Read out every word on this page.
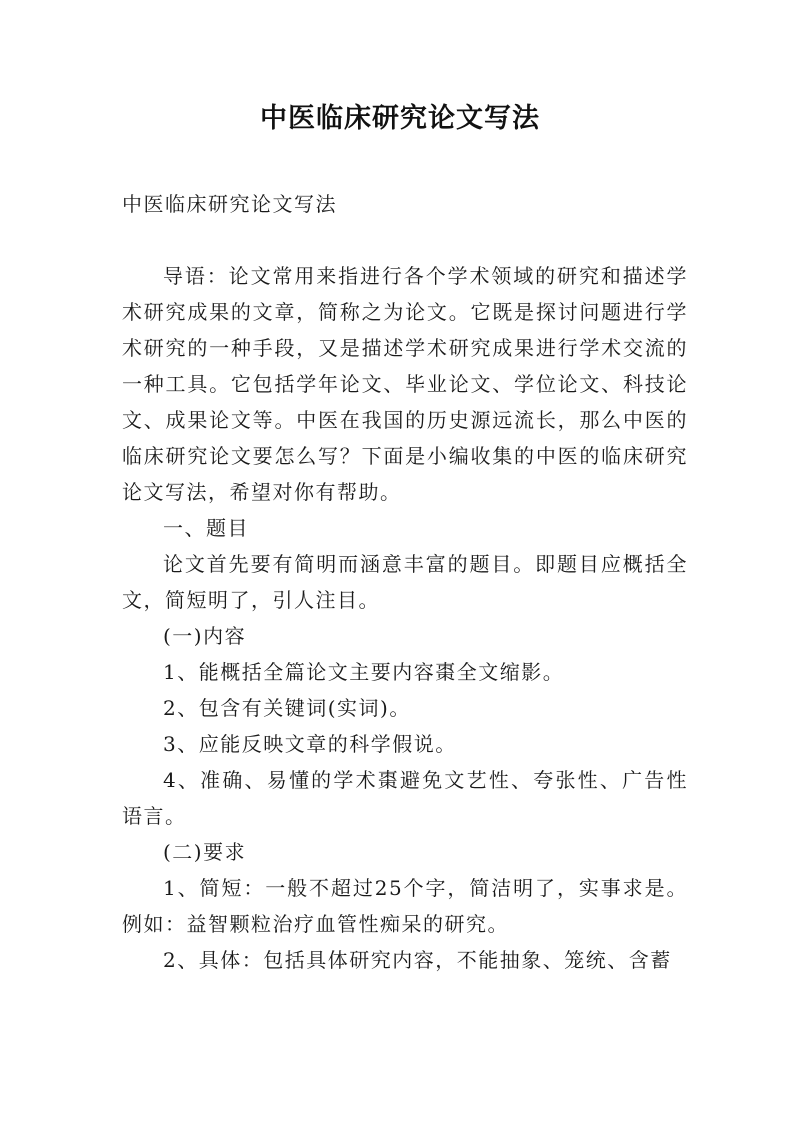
中医临床研究论文写法

中医临床研究论文写法

导语：论文常用来指进行各个学术领域的研究和描述学术研究成果的文章，简称之为论文。它既是探讨问题进行学术研究的一种手段，又是描述学术研究成果进行学术交流的一种工具。它包括学年论文、毕业论文、学位论文、科技论文、成果论文等。中医在我国的历史源远流长，那么中医的临床研究论文要怎么写？下面是小编收集的中医的临床研究论文写法，希望对你有帮助。

一、题目

论文首先要有简明而涵意丰富的题目。即题目应概括全文，简短明了，引人注目。

(一)内容

1、能概括全篇论文主要内容棗全文缩影。

2、包含有关键词(实词)。

3、应能反映文章的科学假说。

4、准确、易懂的学术棗避免文艺性、夸张性、广告性语言。

(二)要求

1、简短：一般不超过25个字，简洁明了，实事求是。例如：益智颗粒治疗血管性痴呆的研究。

2、具体：包括具体研究内容，不能抽象、笼统、含蓄
